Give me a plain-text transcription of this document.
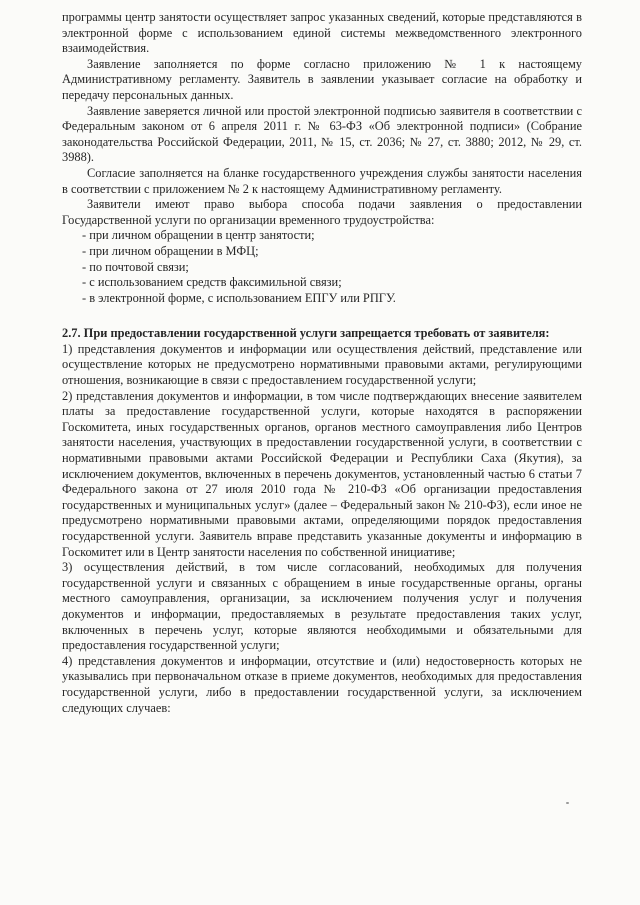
программы центр занятости осуществляет запрос указанных сведений, которые представляются в электронной форме с использованием единой системы межведомственного электронного взаимодействия.

Заявление заполняется по форме согласно приложению № 1 к настоящему Административному регламенту. Заявитель в заявлении указывает согласие на обработку и передачу персональных данных.

Заявление заверяется личной или простой электронной подписью заявителя в соответствии с Федеральным законом от 6 апреля 2011 г. № 63-ФЗ «Об электронной подписи» (Собрание законодательства Российской Федерации, 2011, № 15, ст. 2036; № 27, ст. 3880; 2012, № 29, ст. 3988).

Согласие заполняется на бланке государственного учреждения службы занятости населения в соответствии с приложением № 2 к настоящему Административному регламенту.

Заявители имеют право выбора способа подачи заявления о предоставлении Государственной услуги по организации временного трудоустройства:

- при личном обращении в центр занятости;
- при личном обращении в МФЦ;
- по почтовой связи;
- с использованием средств факсимильной связи;
- в электронной форме, с использованием ЕПГУ или РПГУ.

2.7. При предоставлении государственной услуги запрещается требовать от заявителя:

1) представления документов и информации или осуществления действий, представление или осуществление которых не предусмотрено нормативными правовыми актами, регулирующими отношения, возникающие в связи с предоставлением государственной услуги;

2) представления документов и информации, в том числе подтверждающих внесение заявителем платы за предоставление государственной услуги, которые находятся в распоряжении Госкомитета, иных государственных органов, органов местного самоуправления либо Центров занятости населения, участвующих в предоставлении государственной услуги, в соответствии с нормативными правовыми актами Российской Федерации и Республики Саха (Якутия), за исключением документов, включенных в перечень документов, установленный частью 6 статьи 7 Федерального закона от 27 июля 2010 года № 210-ФЗ «Об организации предоставления государственных и муниципальных услуг» (далее – Федеральный закон № 210-ФЗ), если иное не предусмотрено нормативными правовыми актами, определяющими порядок предоставления государственной услуги. Заявитель вправе представить указанные документы и информацию в Госкомитет или в Центр занятости населения по собственной инициативе;

3) осуществления действий, в том числе согласований, необходимых для получения государственной услуги и связанных с обращением в иные государственные органы, органы местного самоуправления, организации, за исключением получения услуг и получения документов и информации, предоставляемых в результате предоставления таких услуг, включенных в перечень услуг, которые являются необходимыми и обязательными для предоставления государственной услуги;

4) представления документов и информации, отсутствие и (или) недостоверность которых не указывались при первоначальном отказе в приеме документов, необходимых для предоставления государственной услуги, либо в предоставлении государственной услуги, за исключением следующих случаев:
